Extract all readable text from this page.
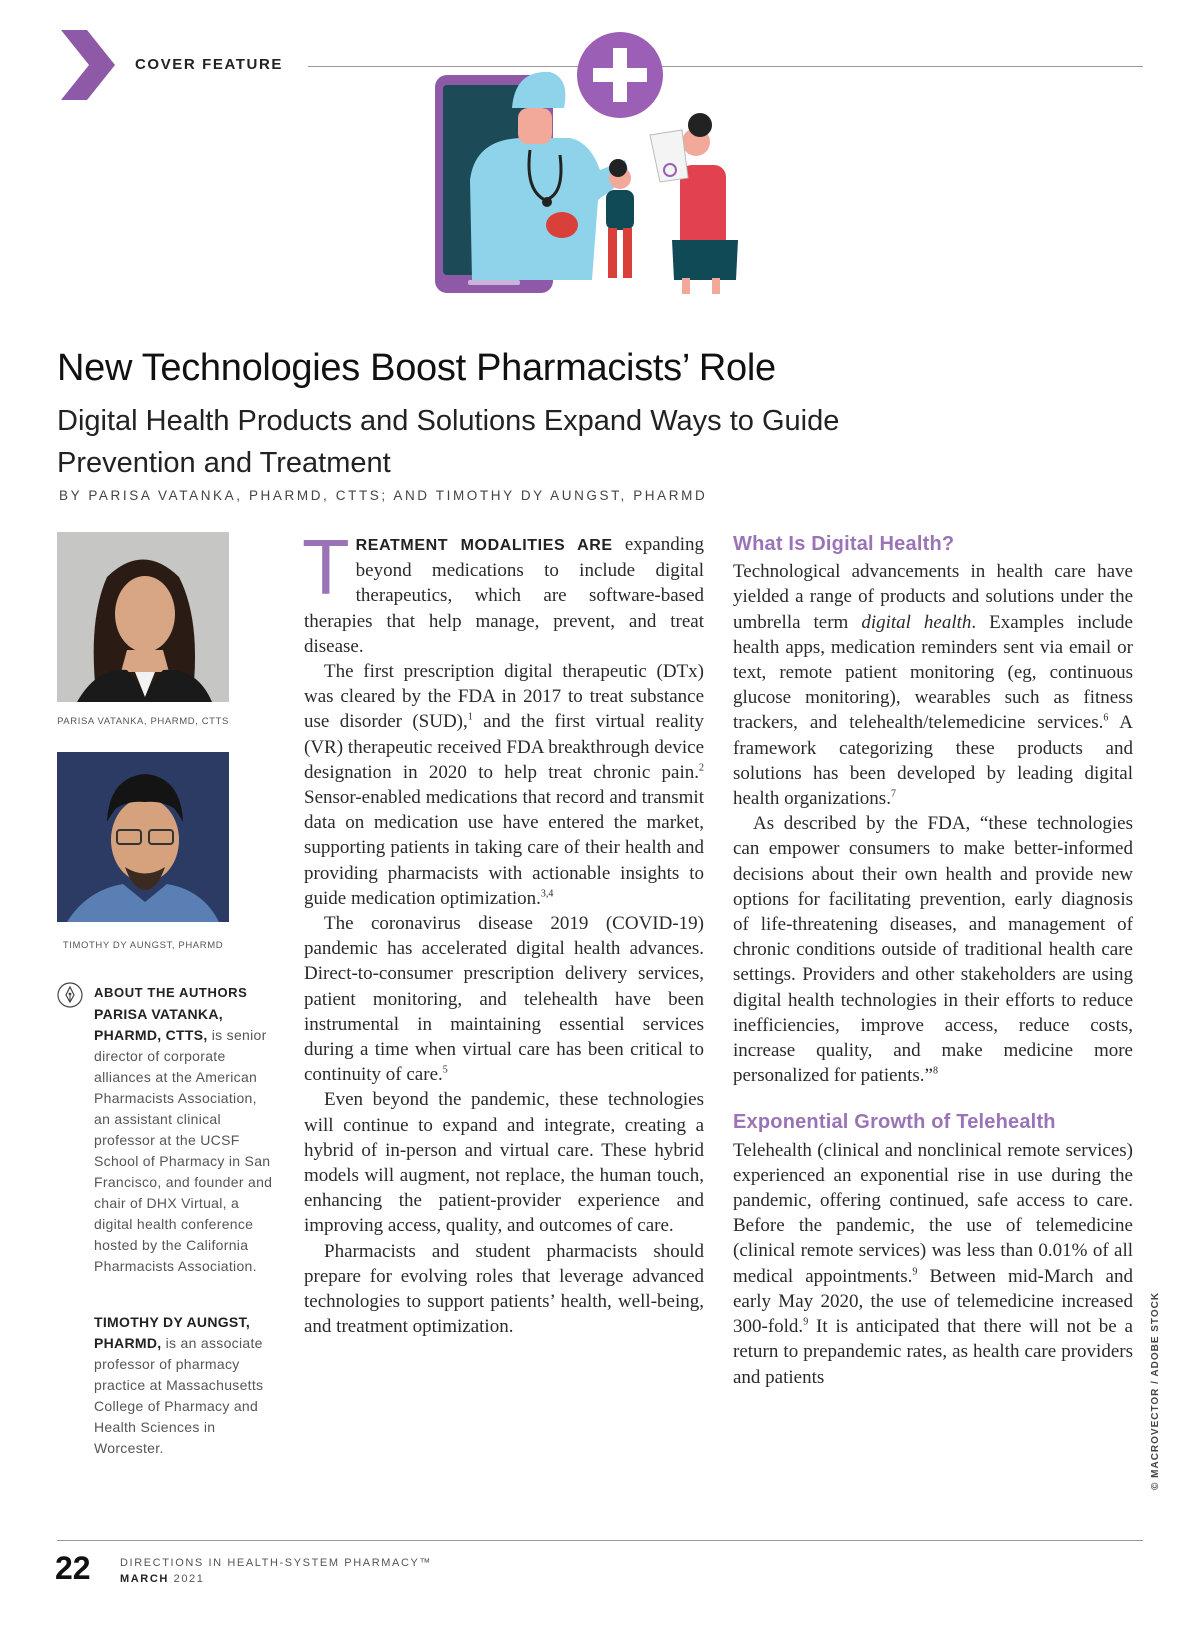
COVER FEATURE
New Technologies Boost Pharmacists’ Role
Digital Health Products and Solutions Expand Ways to Guide Prevention and Treatment
BY PARISA VATANKA, PHARMD, CTTS; AND TIMOTHY DY AUNGST, PHARMD
PARISA VATANKA, PHARMD, CTTS
TIMOTHY DY AUNGST, PHARMD
ABOUT THE AUTHORS
PARISA VATANKA, PHARMD, CTTS, is senior director of corporate alliances at the American Pharmacists Association, an assistant clinical professor at the UCSF School of Pharmacy in San Francisco, and founder and chair of DHX Virtual, a digital health conference hosted by the California Pharmacists Association.
TIMOTHY DY AUNGST, PHARMD, is an associate professor of pharmacy practice at Massachusetts College of Pharmacy and Health Sciences in Worcester.

TREATMENT MODALITIES ARE expanding beyond medications to include digital therapeutics, which are software-based therapies that help manage, prevent, and treat disease.

The first prescription digital therapeutic (DTx) was cleared by the FDA in 2017 to treat substance use disorder (SUD),$^1$ and the first virtual reality (VR) therapeutic received FDA breakthrough device designation in 2020 to help treat chronic pain.$^2$ Sensor-enabled medications that record and transmit data on medication use have entered the market, supporting patients in taking care of their health and providing pharmacists with actionable insights to guide medication optimization.$^{3,4}$

The coronavirus disease 2019 (COVID-19) pandemic has accelerated digital health advances. Direct-to-consumer prescription delivery services, patient monitoring, and telehealth have been instrumental in maintaining essential services during a time when virtual care has been critical to continuity of care.$^5$

Even beyond the pandemic, these technologies will continue to expand and integrate, creating a hybrid of in-person and virtual care. These hybrid models will augment, not replace, the human touch, enhancing the patient-provider experience and improving access, quality, and outcomes of care.

Pharmacists and student pharmacists should prepare for evolving roles that leverage advanced technologies to support patients’ health, well-being, and treatment optimization.

What Is Digital Health?

Technological advancements in health care have yielded a range of products and solutions under the umbrella term digital health. Examples include health apps, medication reminders sent via email or text, remote patient monitoring (eg, continuous glucose monitoring), wearables such as fitness trackers, and telehealth/telemedicine services.$^6$ A framework categorizing these products and solutions has been developed by leading digital health organizations.$^7$

As described by the FDA, “these technologies can empower consumers to make better-informed decisions about their own health and provide new options for facilitating prevention, early diagnosis of life-threatening diseases, and management of chronic conditions outside of traditional health care settings. Providers and other stakeholders are using digital health technologies in their efforts to reduce inefficiencies, improve access, reduce costs, increase quality, and make medicine more personalized for patients.”$^8$

Exponential Growth of Telehealth

Telehealth (clinical and nonclinical remote services) experienced an exponential rise in use during the pandemic, offering continued, safe access to care. Before the pandemic, the use of telemedicine (clinical remote services) was less than 0.01% of all medical appointments.$^9$ Between mid-March and early May 2020, the use of telemedicine increased 300-fold.$^9$ It is anticipated that there will not be a return to prepandemic rates, as health care providers and patients	© MACROVECTOR / ADOBE STOCK
22	DIRECTIONS IN HEALTH-SYSTEM PHARMACY™
MARCH 2021
